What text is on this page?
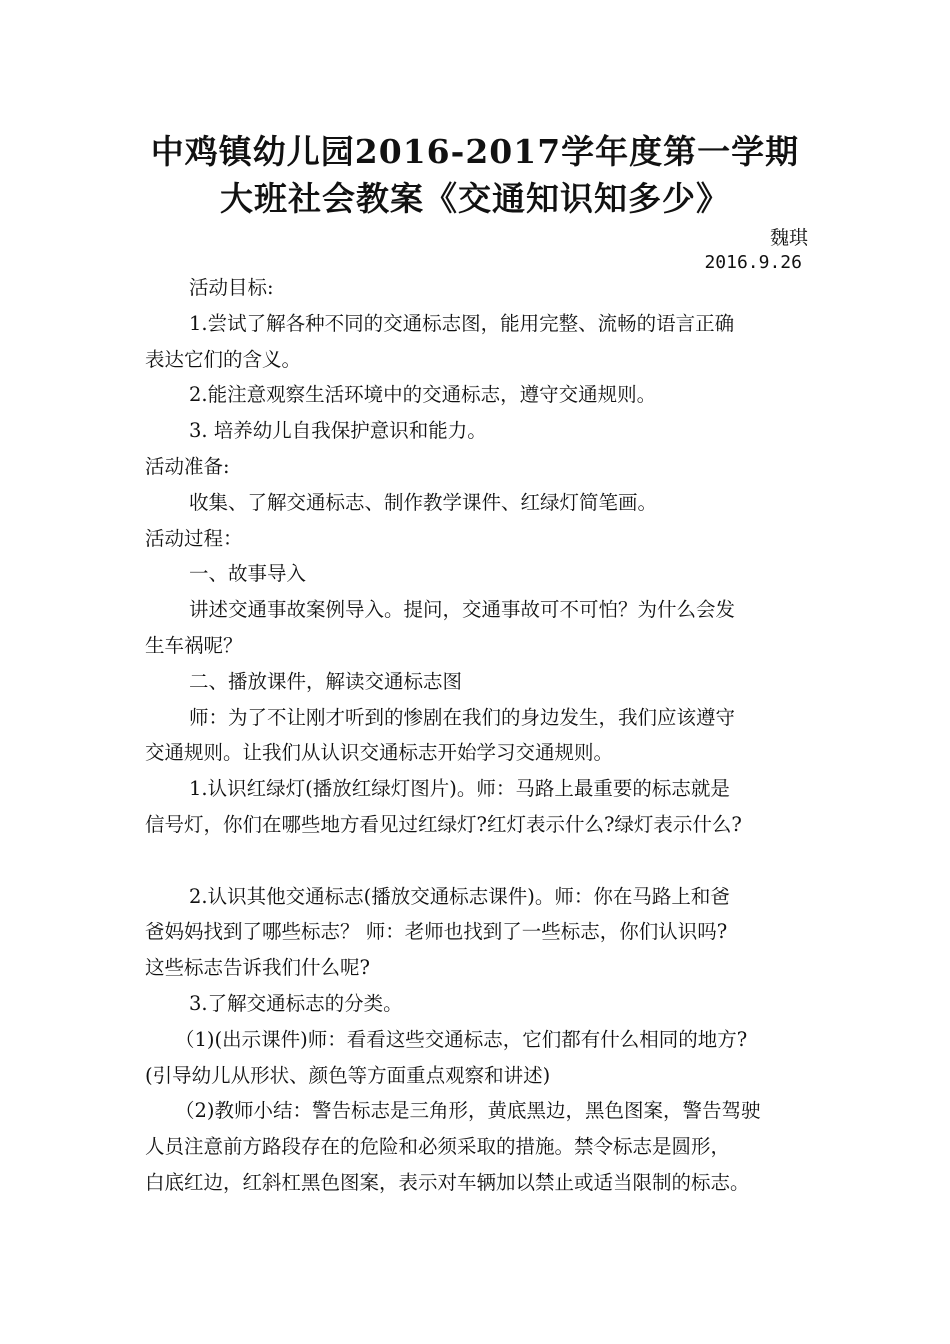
中鸡镇幼儿园2016-2017学年度第一学期
大班社会教案《交通知识知多少》
魏琪
2016.9.26

活动目标:

1.尝试了解各种不同的交通标志图，能用完整、流畅的语言正确

表达它们的含义。

2.能注意观察生活环境中的交通标志，遵守交通规则。

3. 培养幼儿自我保护意识和能力。

活动准备:

收集、了解交通标志、制作教学课件、红绿灯简笔画。

活动过程：

一、故事导入

讲述交通事故案例导入。提问，交通事故可不可怕？为什么会发

生车祸呢？

二、播放课件，解读交通标志图

师：为了不让刚才听到的惨剧在我们的身边发生，我们应该遵守

交通规则。让我们从认识交通标志开始学习交通规则。

1.认识红绿灯(播放红绿灯图片)。师：马路上最重要的标志就是

信号灯，你们在哪些地方看见过红绿灯?红灯表示什么?绿灯表示什么?

2.认识其他交通标志(播放交通标志课件)。师：你在马路上和爸

爸妈妈找到了哪些标志？ 师：老师也找到了一些标志，你们认识吗?

这些标志告诉我们什么呢?

3.了解交通标志的分类。

（1)(出示课件)师：看看这些交通标志，它们都有什么相同的地方?

(引导幼儿从形状、颜色等方面重点观察和讲述)

（2)教师小结：警告标志是三角形，黄底黑边，黑色图案，警告驾驶

人员注意前方路段存在的危险和必须采取的措施。禁令标志是圆形，

白底红边，红斜杠黑色图案，表示对车辆加以禁止或适当限制的标志。
